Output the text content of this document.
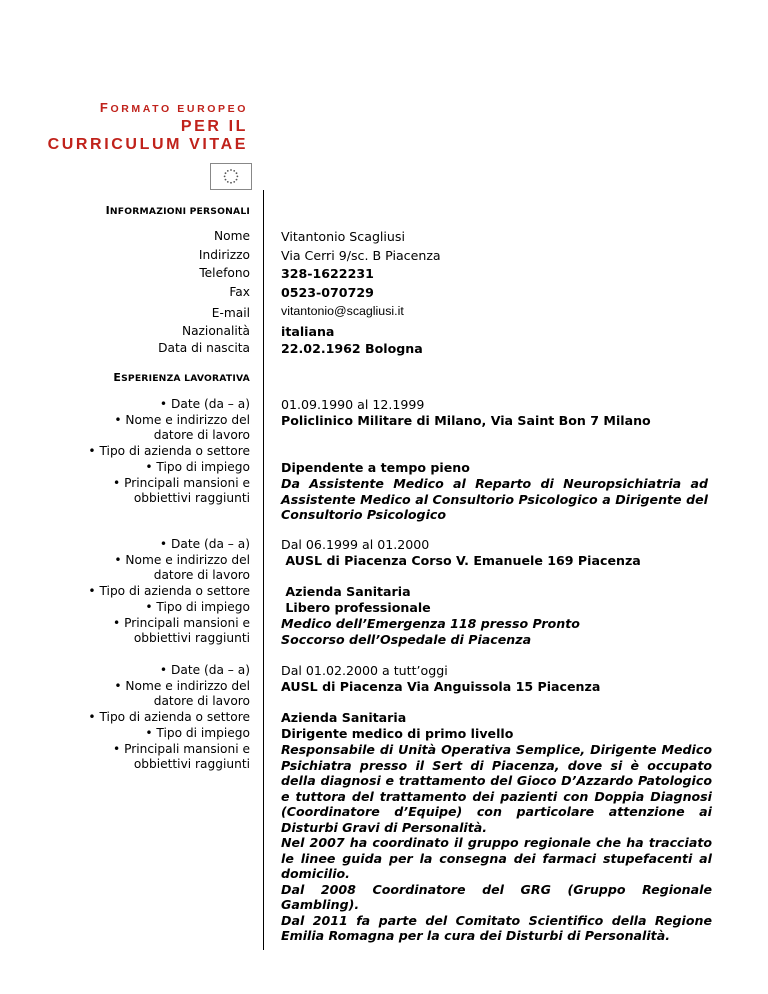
FORMATO EUROPEO
PER IL
CURRICULUM VITAE
INFORMAZIONI PERSONALI
ESPERIENZA LAVORATIVA
Nome
Indirizzo
Telefono
Fax
E-mail
Nazionalità
Data di nascita
Vitantonio Scagliusi
Via Cerri 9/sc. B Piacenza
328-1622231
0523-070729
vitantonio@scagliusi.it
italiana
22.02.1962 Bologna
• Date (da – a)
• Nome e indirizzo del
datore di lavoro
• Tipo di azienda o settore
• Tipo di impiego
• Principali mansioni e
obbiettivi raggiunti
01.09.1990 al 12.1999
Policlinico Militare di Milano, Via Saint Bon 7 Milano
Dipendente a tempo pieno
Da Assistente Medico al Reparto di Neuropsichiatria ad Assistente Medico al Consultorio Psicologico a Dirigente del Consultorio Psicologico
• Date (da – a)
• Nome e indirizzo del
datore di lavoro
• Tipo di azienda o settore
• Tipo di impiego
• Principali mansioni e
obbiettivi raggiunti
Dal 06.1999 al 01.2000
AUSL di Piacenza Corso V. Emanuele 169 Piacenza
Azienda Sanitaria
Libero professionale
Medico dell’Emergenza 118 presso Pronto Soccorso dell’Ospedale di Piacenza
• Date (da – a)
• Nome e indirizzo del
datore di lavoro
• Tipo di azienda o settore
• Tipo di impiego
• Principali mansioni e
obbiettivi raggiunti
Dal 01.02.2000 a tutt’oggi
AUSL di Piacenza Via Anguissola 15 Piacenza
Azienda Sanitaria
Dirigente medico di primo livello
Responsabile di Unità Operativa Semplice, Dirigente Medico Psichiatra presso il Sert di Piacenza, dove si è occupato della diagnosi e trattamento del Gioco D’Azzardo Patologico e tuttora del trattamento dei pazienti con Doppia Diagnosi (Coordinatore d’Equipe) con particolare attenzione ai Disturbi Gravi di Personalità.
Nel 2007 ha coordinato il gruppo regionale che ha tracciato le linee guida per la consegna dei farmaci stupefacenti al domicilio.
Dal 2008 Coordinatore del GRG (Gruppo Regionale Gambling).
Dal 2011 fa parte del Comitato Scientifico della Regione Emilia Romagna per la cura dei Disturbi di Personalità.
